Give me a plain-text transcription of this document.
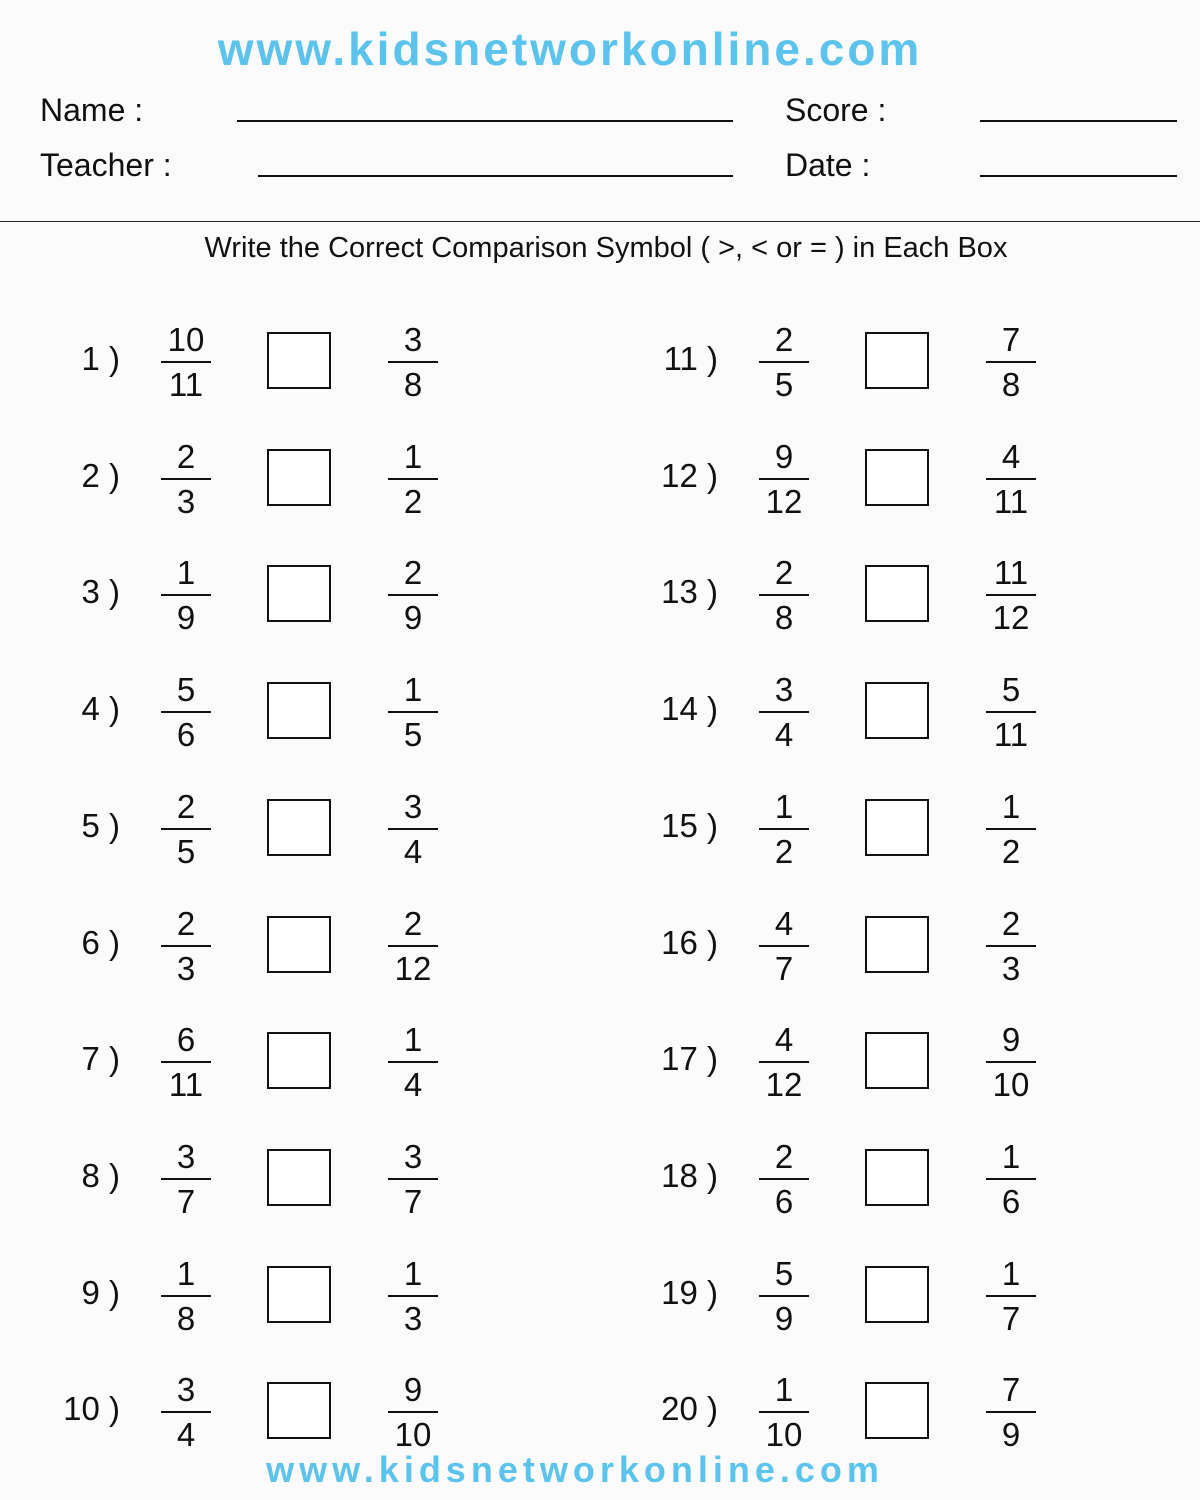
www.kidsnetworkonline.com
Name :	Score :
Teacher :	Date :
Write the Correct Comparison Symbol ( >, < or = ) in Each Box
1 )
10
11
3
8
2 )
2
3
1
2
3 )
1
9
2
9
4 )
5
6
1
5
5 )
2
5
3
4
6 )
2
3
2
12
7 )
6
11
1
4
8 )
3
7
3
7
9 )
1
8
1
3
10 )
3
4
9
10
11 )
2
5
7
8
12 )
9
12
4
11
13 )
2
8
11
12
14 )
3
4
5
11
15 )
1
2
1
2
16 )
4
7
2
3
17 )
4
12
9
10
18 )
2
6
1
6
19 )
5
9
1
7
20 )
1
10
7
9
www.kidsnetworkonline.com
